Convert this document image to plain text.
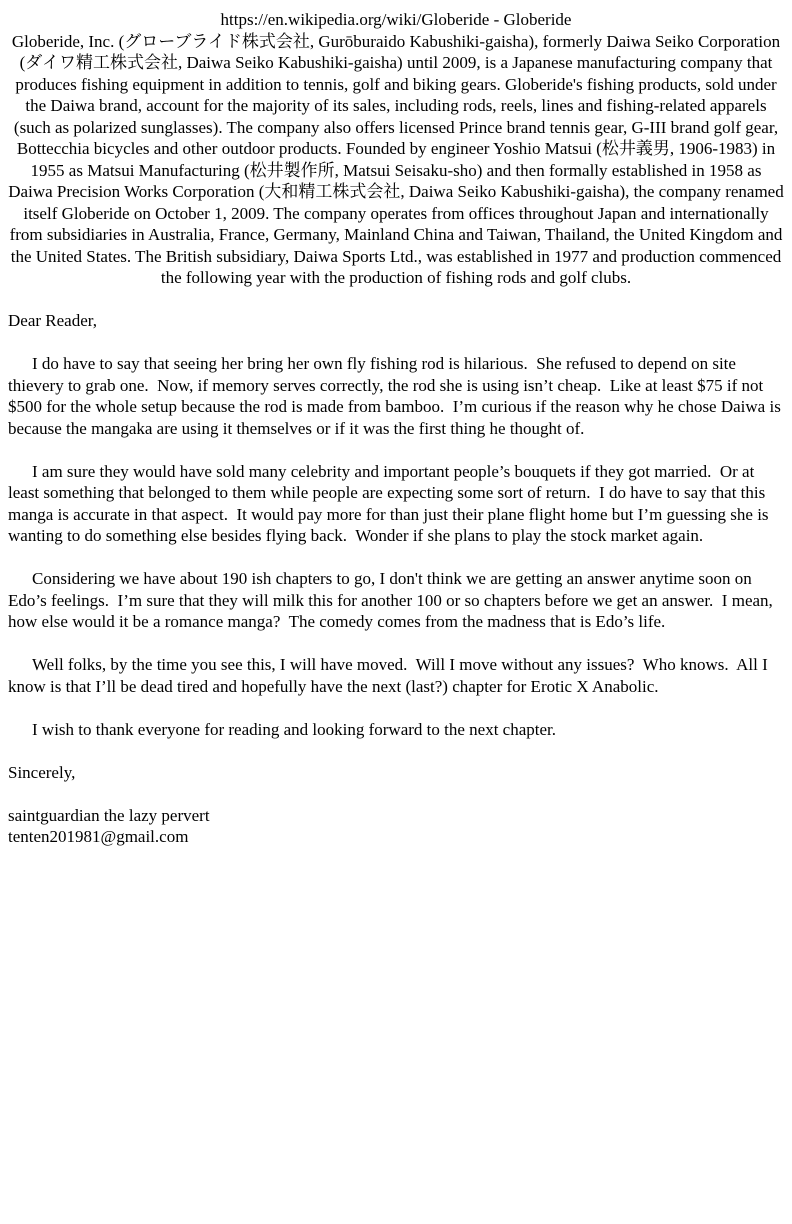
https://en.wikipedia.org/wiki/Globeride - Globeride
Globeride, Inc. (グローブライド株式会社, Gurōburaido Kabushiki-gaisha), formerly Daiwa Seiko Corporation (ダイワ精工株式会社, Daiwa Seiko Kabushiki-gaisha) until 2009, is a Japanese manufacturing company that produces fishing equipment in addition to tennis, golf and biking gears. Globeride's fishing products, sold under the Daiwa brand, account for the majority of its sales, including rods, reels, lines and fishing-related apparels (such as polarized sunglasses). The company also offers licensed Prince brand tennis gear, G-III brand golf gear, Bottecchia bicycles and other outdoor products. Founded by engineer Yoshio Matsui (松井義男, 1906-1983) in 1955 as Matsui Manufacturing (松井製作所, Matsui Seisaku-sho) and then formally established in 1958 as Daiwa Precision Works Corporation (大和精工株式会社, Daiwa Seiko Kabushiki-gaisha), the company renamed itself Globeride on October 1, 2009. The company operates from offices throughout Japan and internationally from subsidiaries in Australia, France, Germany, Mainland China and Taiwan, Thailand, the United Kingdom and the United States. The British subsidiary, Daiwa Sports Ltd., was established in 1977 and production commenced the following year with the production of fishing rods and golf clubs.

Dear Reader,

I do have to say that seeing her bring her own fly fishing rod is hilarious.  She refused to depend on site thievery to grab one.  Now, if memory serves correctly, the rod she is using isn’t cheap.  Like at least $75 if not $500 for the whole setup because the rod is made from bamboo.  I’m curious if the reason why he chose Daiwa is because the mangaka are using it themselves or if it was the first thing he thought of.

I am sure they would have sold many celebrity and important people’s bouquets if they got married.  Or at least something that belonged to them while people are expecting some sort of return.  I do have to say that this manga is accurate in that aspect.  It would pay more for than just their plane flight home but I’m guessing she is wanting to do something else besides flying back.  Wonder if she plans to play the stock market again.

Considering we have about 190 ish chapters to go, I don't think we are getting an answer anytime soon on Edo’s feelings.  I’m sure that they will milk this for another 100 or so chapters before we get an answer.  I mean, how else would it be a romance manga?  The comedy comes from the madness that is Edo’s life.

Well folks, by the time you see this, I will have moved.  Will I move without any issues?  Who knows.  All I know is that I’ll be dead tired and hopefully have the next (last?) chapter for Erotic X Anabolic.

I wish to thank everyone for reading and looking forward to the next chapter.

Sincerely,

saintguardian the lazy pervert
tenten201981@gmail.com
